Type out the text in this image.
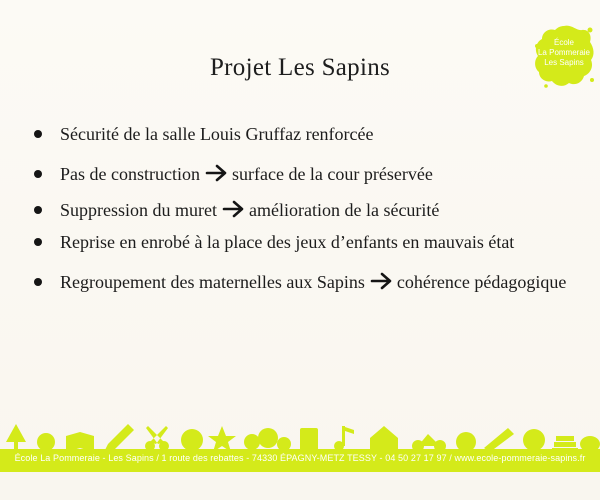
École
La Pommeraie
Les Sapins
Projet Les Sapins
Sécurité de la salle Louis Gruffaz renforcée
Pas de construction surface de la cour préservée
Suppression du muret amélioration de la sécurité
Reprise en enrobé à la place des jeux d’enfants en mauvais état
Regroupement des maternelles aux Sapins cohérence pédagogique
École La Pommeraie - Les Sapins / 1 route des rebattes - 74330 ÉPAGNY-METZ TESSY - 04 50 27 17 97 / www.ecole-pommeraie-sapins.fr
